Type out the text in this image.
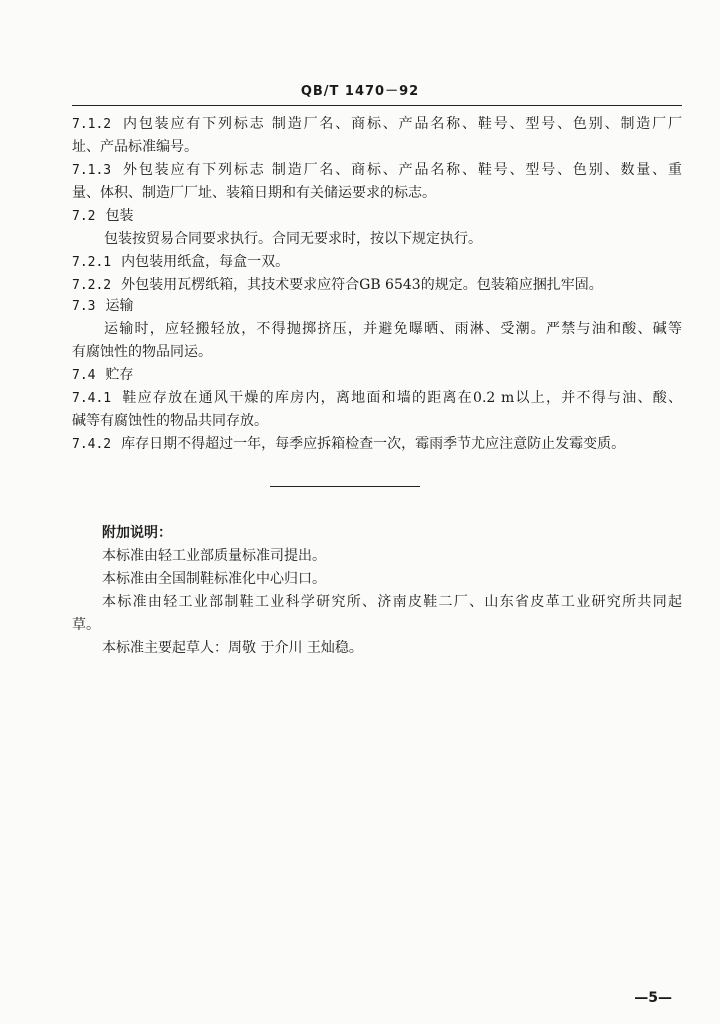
QB/T 1470－92
7.1.2 内包装应有下列标志 制造厂名、商标、产品名称、鞋号、型号、色别、制造厂厂
址、产品标准编号。
7.1.3 外包装应有下列标志 制造厂名、商标、产品名称、鞋号、型号、色别、数量、重
量、体积、制造厂厂址、装箱日期和有关储运要求的标志。
7.2 包装
包装按贸易合同要求执行。合同无要求时，按以下规定执行。
7.2.1 内包装用纸盒，每盒一双。
7.2.2 外包装用瓦楞纸箱，其技术要求应符合GB 6543的规定。包装箱应捆扎牢固。
7.3 运输
运输时，应轻搬轻放，不得抛掷挤压，并避免曝晒、雨淋、受潮。严禁与油和酸、碱等
有腐蚀性的物品同运。
7.4 贮存
7.4.1 鞋应存放在通风干燥的库房内，离地面和墙的距离在0.2 m以上，并不得与油、酸、
碱等有腐蚀性的物品共同存放。
7.4.2 库存日期不得超过一年，每季应拆箱检查一次，霉雨季节尤应注意防止发霉变质。
附加说明：
本标准由轻工业部质量标准司提出。
本标准由全国制鞋标准化中心归口。
本标准由轻工业部制鞋工业科学研究所、济南皮鞋二厂、山东省皮革工业研究所共同起
草。
本标准主要起草人：周敬 于介川 王灿稳。
—5—
